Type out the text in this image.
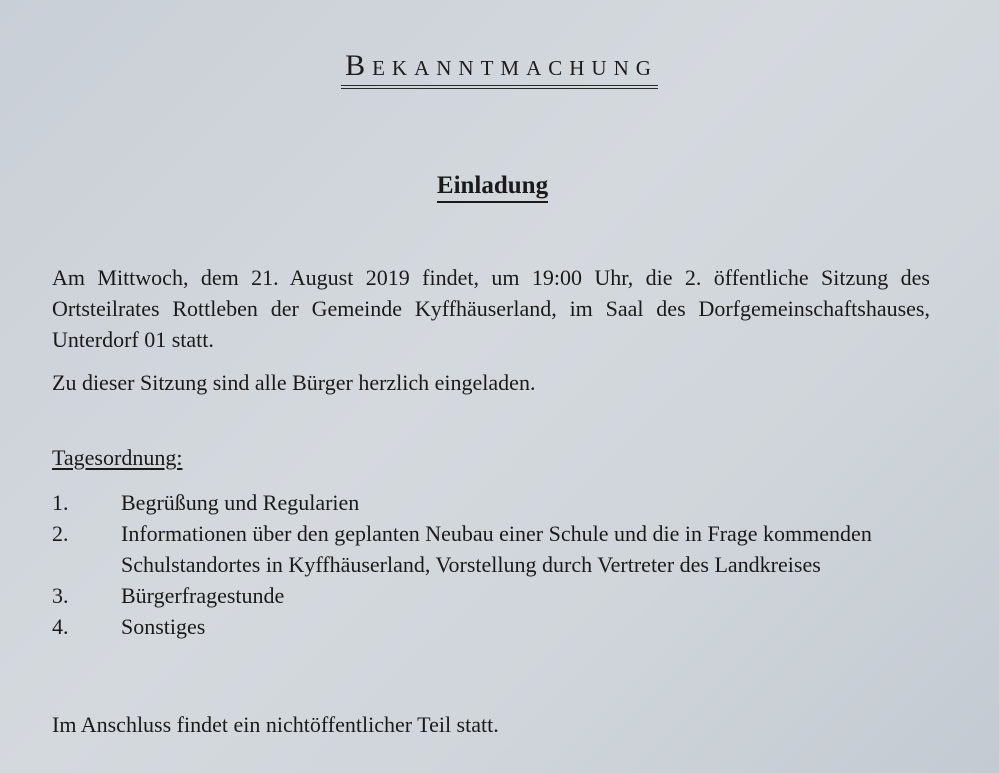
Bekanntmachung
Einladung
Am Mittwoch, dem 21. August 2019 findet, um 19:00 Uhr, die 2. öffentliche Sitzung des Ortsteilrates Rottleben der Gemeinde Kyffhäuserland, im Saal des Dorfgemeinschaftshauses, Unterdorf 01 statt.
Zu dieser Sitzung sind alle Bürger herzlich eingeladen.
Tagesordnung:
1.	Begrüßung und Regularien
2.	Informationen über den geplanten Neubau einer Schule und die in Frage kommenden Schulstandortes in Kyffhäuserland, Vorstellung durch Vertreter des Landkreises
3.	Bürgerfragestunde
4.	Sonstiges
Im Anschluss findet ein nichtöffentlicher Teil statt.
